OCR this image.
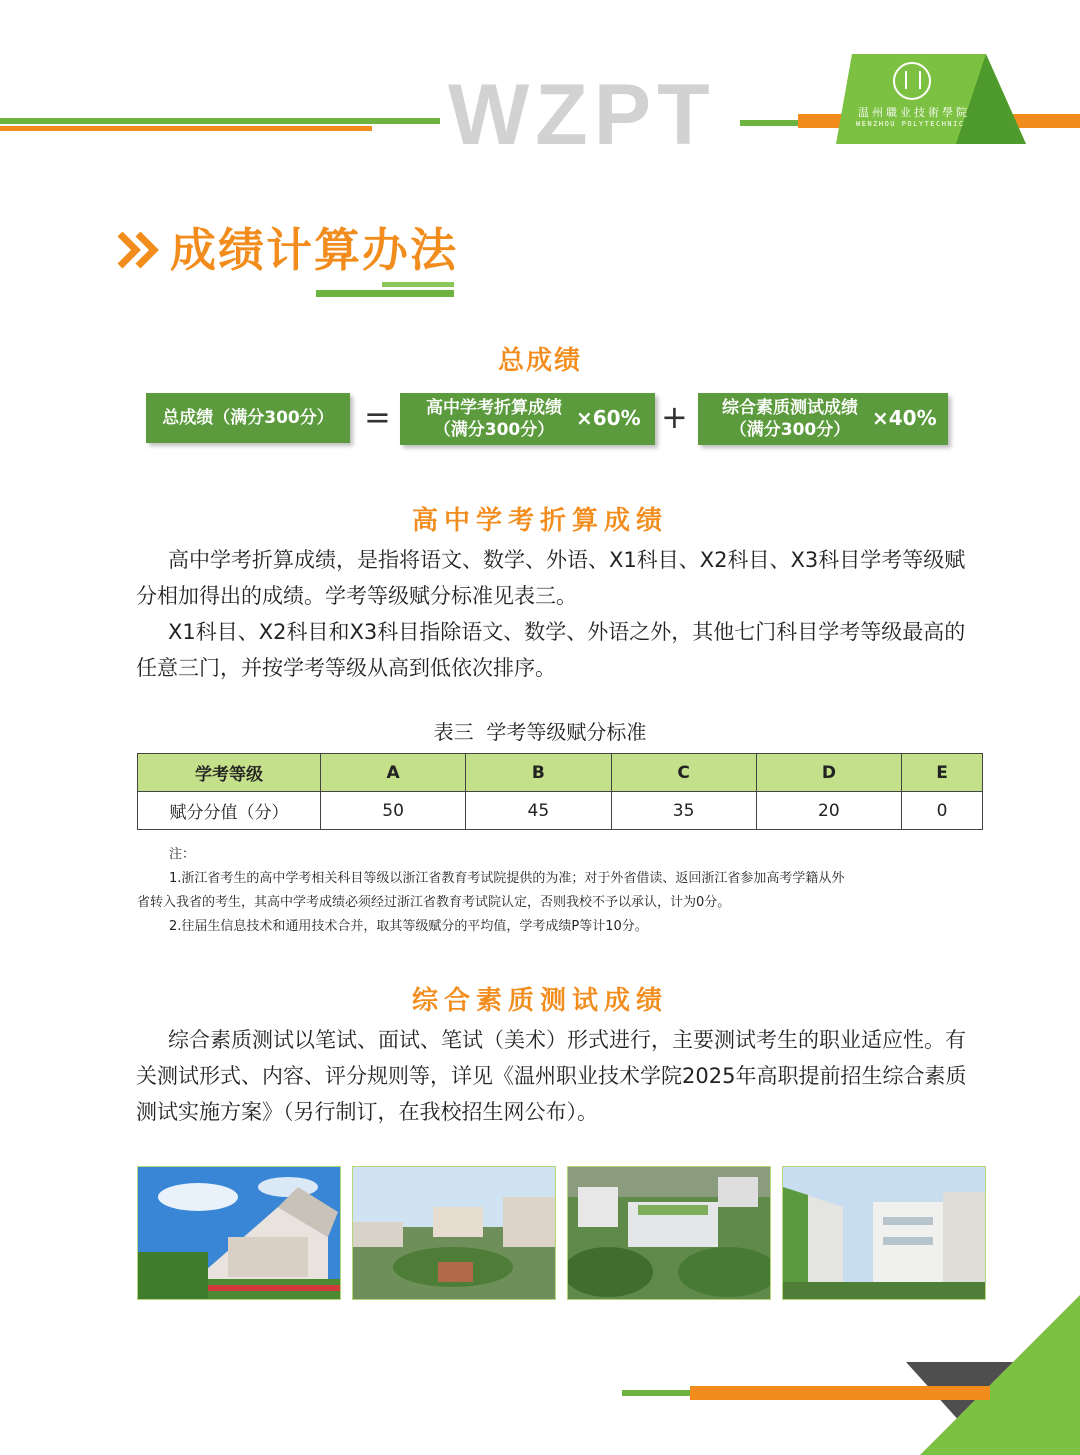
WZPT	温州職业技術學院
WENZHOU POLYTECHNIC
成绩计算办法
总成绩
总成绩（满分300分） =	高中学考折算成绩
（满分300分）	×60% +	综合素质测试成绩
（满分300分）	×40%
高中学考折算成绩

高中学考折算成绩，是指将语文、数学、外语、X1科目、X2科目、X3科目学考等级赋分相加得出的成绩。学考等级赋分标准见表三。

X1科目、X2科目和X3科目指除语文、数学、外语之外，其他七门科目学考等级最高的任意三门，并按学考等级从高到低依次排序。

表三  学考等级赋分标准
学考等级	A	B	C	D	E
赋分分值（分）	50	45	35	20	0

注：

1.浙江省考生的高中学考相关科目等级以浙江省教育考试院提供的为准；对于外省借读、返回浙江省参加高考学籍从外

省转入我省的考生，其高中学考成绩必须经过浙江省教育考试院认定，否则我校不予以承认，计为0分。

2.往届生信息技术和通用技术合并，取其等级赋分的平均值，学考成绩P等计10分。

综合素质测试成绩

综合素质测试以笔试、面试、笔试（美术）形式进行，主要测试考生的职业适应性。有关测试形式、内容、评分规则等，详见《温州职业技术学院2025年高职提前招生综合素质测试实施方案》（另行制订，在我校招生网公布）。
